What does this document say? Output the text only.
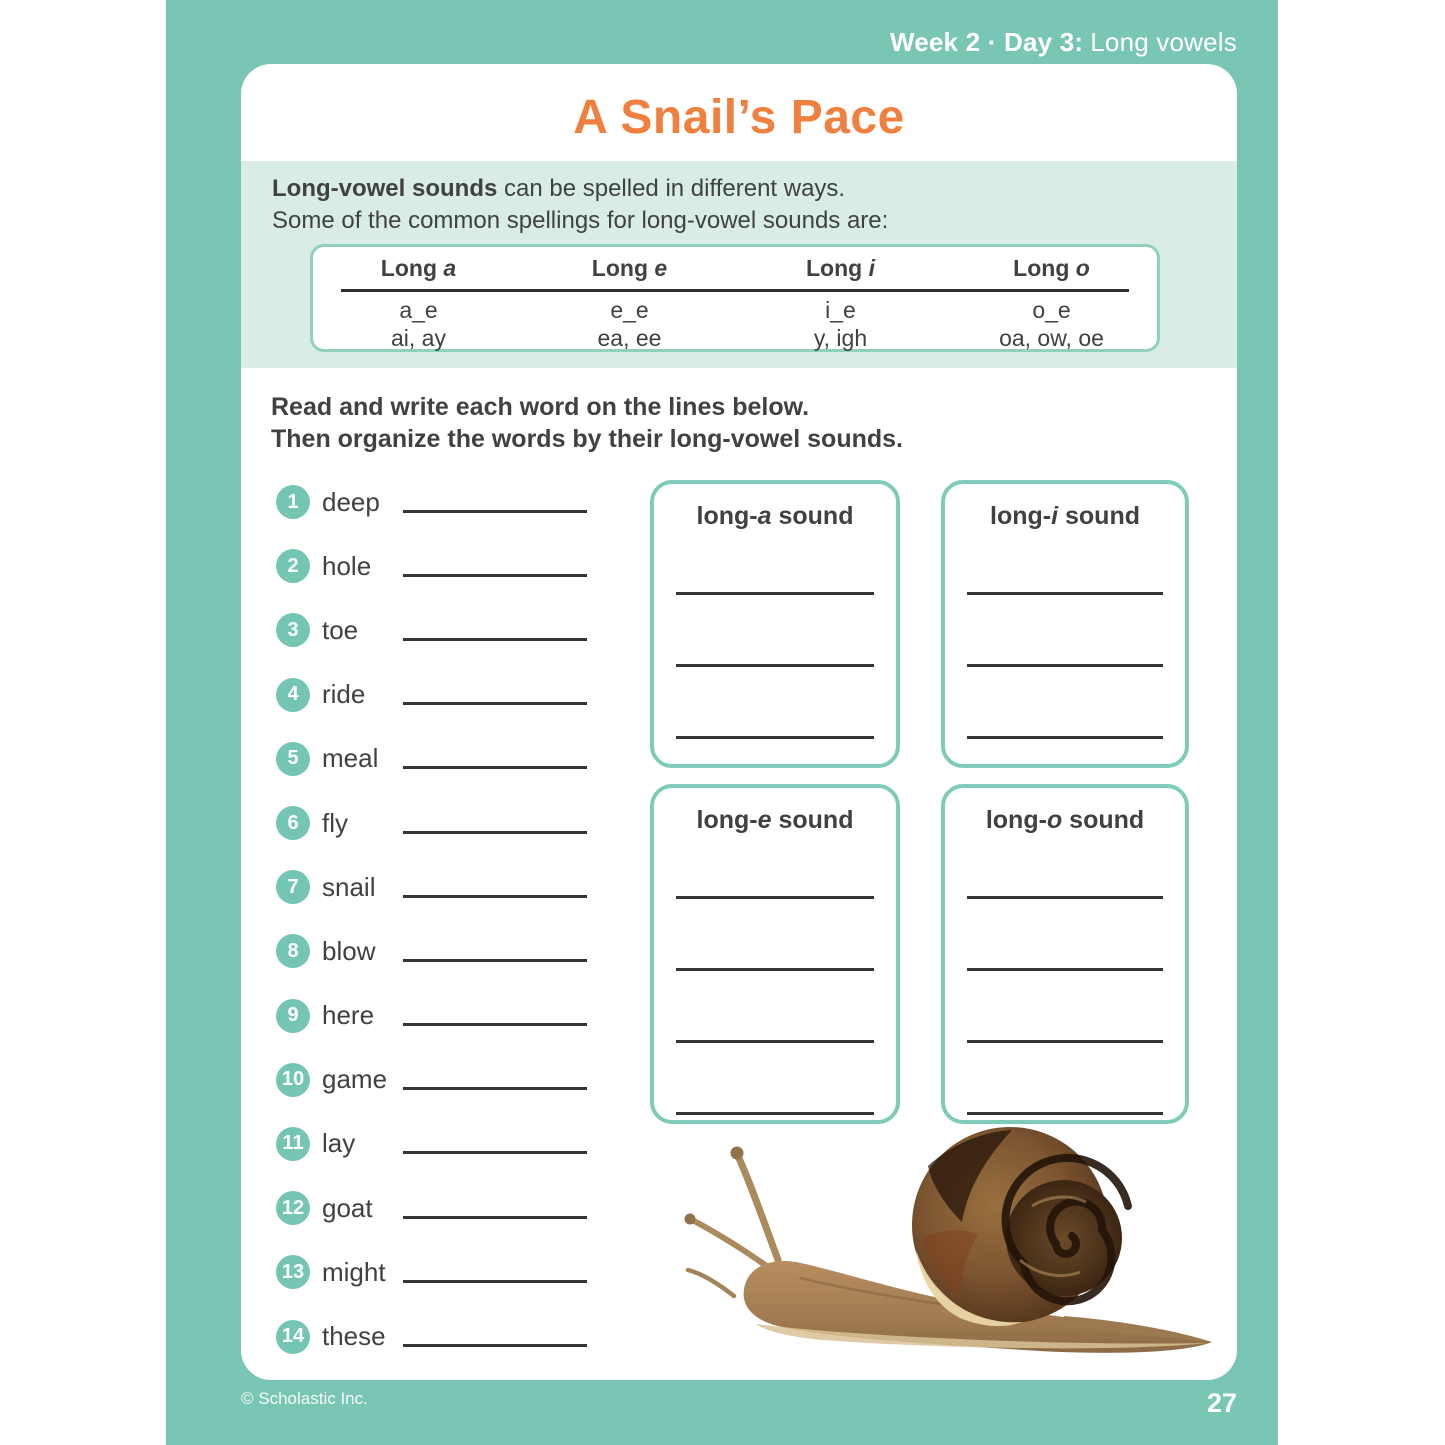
Week 2 · Day 3: Long vowels
A Snail’s Pace
Long-vowel sounds can be spelled in different ways.
Some of the common spellings for long-vowel sounds are:
Long a	Long e	Long i	Long o
a_e	e_e	i_e	o_e
ai, ay	ea, ee	y, igh	oa, ow, oe
Read and write each word on the lines below.
Then organize the words by their long-vowel sounds.
1 deep
2 hole
3 toe
4 ride
5 meal
6 fly
7 snail
8 blow
9 here
10 game
11 lay
12 goat
13 might
14 these
long-a sound	long-i sound
long-e sound	long-o sound
© Scholastic Inc.	27
